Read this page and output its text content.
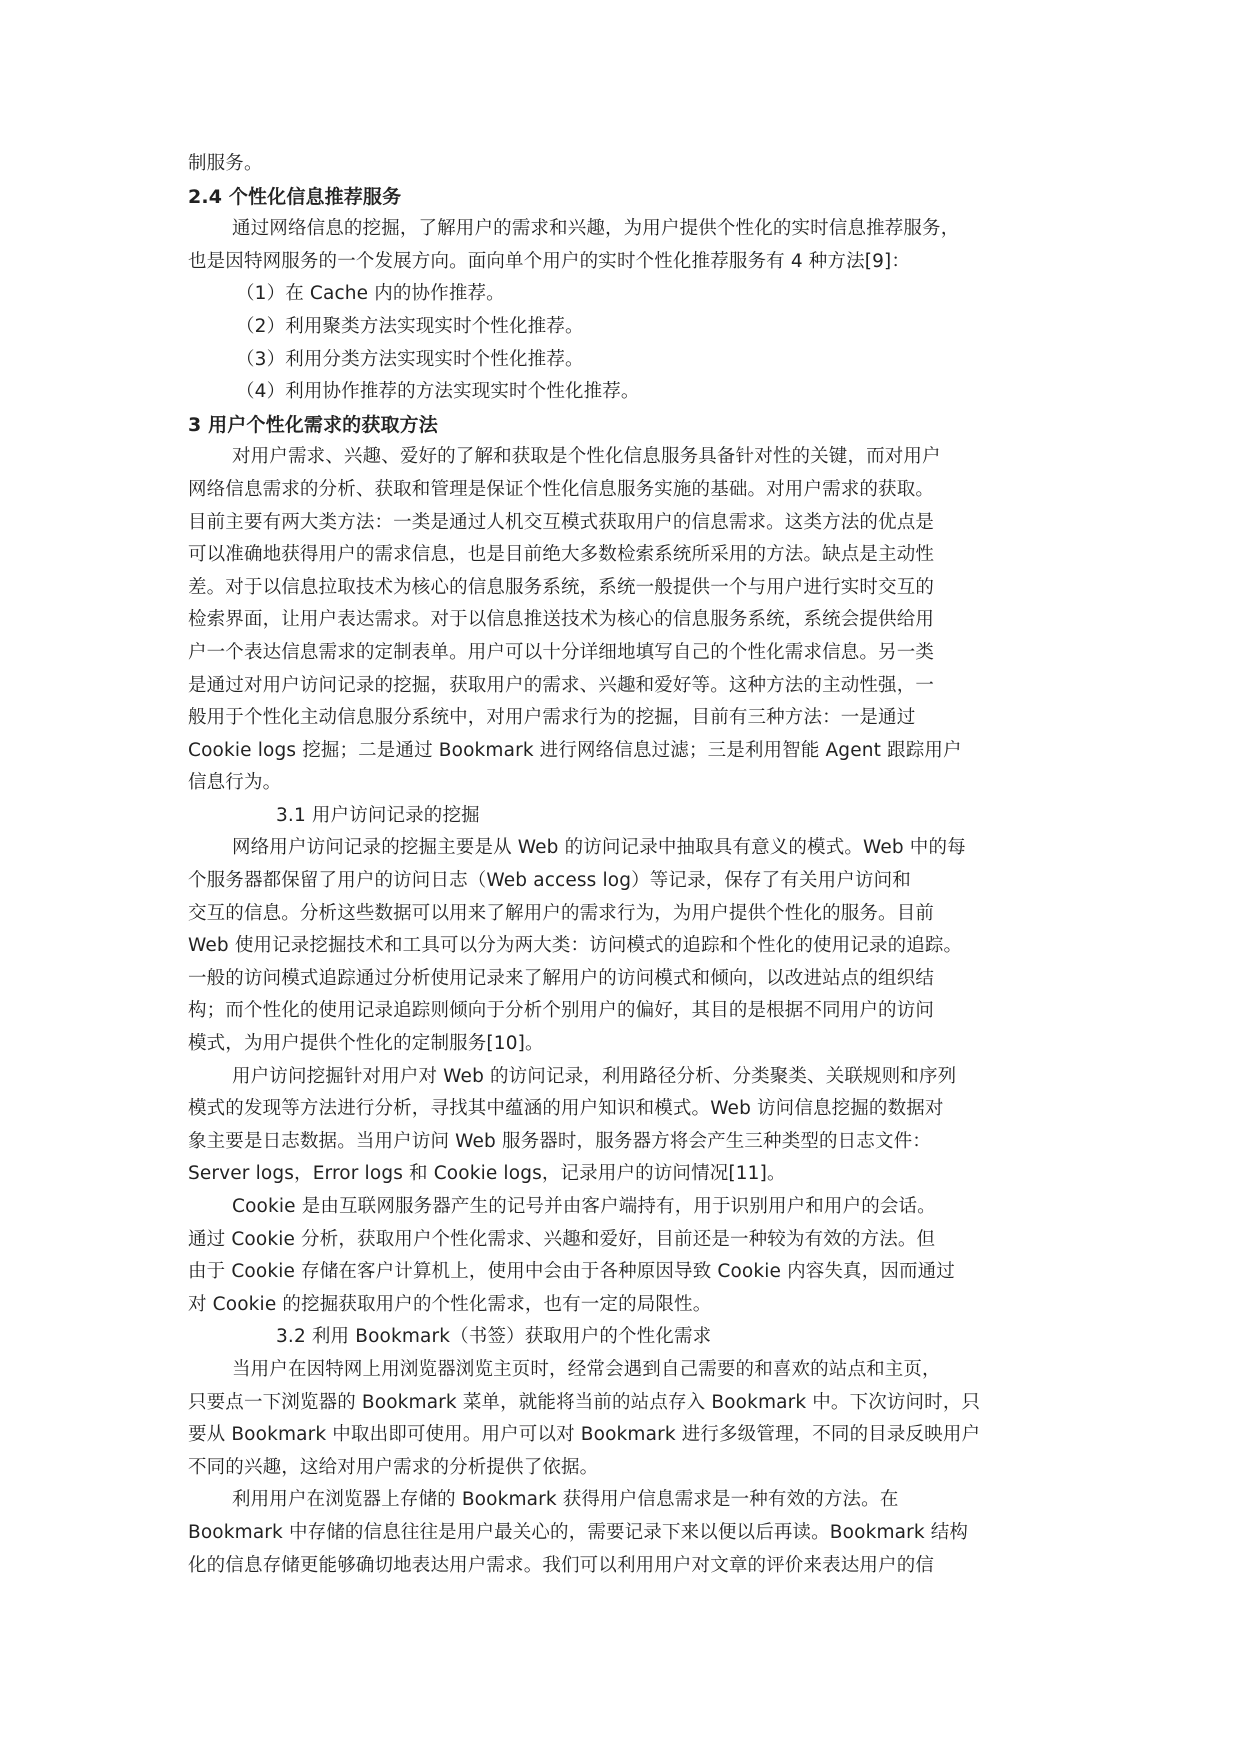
制服务。
2.4 个性化信息推荐服务
通过网络信息的挖掘，了解用户的需求和兴趣，为用户提供个性化的实时信息推荐服务，
也是因特网服务的一个发展方向。面向单个用户的实时个性化推荐服务有 4 种方法[9]：
（1）在 Cache 内的协作推荐。
（2）利用聚类方法实现实时个性化推荐。
（3）利用分类方法实现实时个性化推荐。
（4）利用协作推荐的方法实现实时个性化推荐。
3 用户个性化需求的获取方法
对用户需求、兴趣、爱好的了解和获取是个性化信息服务具备针对性的关键，而对用户
网络信息需求的分析、获取和管理是保证个性化信息服务实施的基础。对用户需求的获取。
目前主要有两大类方法：一类是通过人机交互模式获取用户的信息需求。这类方法的优点是
可以准确地获得用户的需求信息，也是目前绝大多数检索系统所采用的方法。缺点是主动性
差。对于以信息拉取技术为核心的信息服务系统，系统一般提供一个与用户进行实时交互的
检索界面，让用户表达需求。对于以信息推送技术为核心的信息服务系统，系统会提供给用
户一个表达信息需求的定制表单。用户可以十分详细地填写自己的个性化需求信息。另一类
是通过对用户访问记录的挖掘，获取用户的需求、兴趣和爱好等。这种方法的主动性强，一
般用于个性化主动信息服分系统中，对用户需求行为的挖掘，目前有三种方法：一是通过
Cookie logs 挖掘；二是通过 Bookmark 进行网络信息过滤；三是利用智能 Agent 跟踪用户
信息行为。
3.1 用户访问记录的挖掘
网络用户访问记录的挖掘主要是从 Web 的访问记录中抽取具有意义的模式。Web 中的每
个服务器都保留了用户的访问日志（Web access log）等记录，保存了有关用户访问和
交互的信息。分析这些数据可以用来了解用户的需求行为，为用户提供个性化的服务。目前
Web 使用记录挖掘技术和工具可以分为两大类：访问模式的追踪和个性化的使用记录的追踪。
一般的访问模式追踪通过分析使用记录来了解用户的访问模式和倾向，以改进站点的组织结
构；而个性化的使用记录追踪则倾向于分析个别用户的偏好，其目的是根据不同用户的访问
模式，为用户提供个性化的定制服务[10]。
用户访问挖掘针对用户对 Web 的访问记录，利用路径分析、分类聚类、关联规则和序列
模式的发现等方法进行分析，寻找其中蕴涵的用户知识和模式。Web 访问信息挖掘的数据对
象主要是日志数据。当用户访问 Web 服务器时，服务器方将会产生三种类型的日志文件：
Server logs，Error logs 和 Cookie logs，记录用户的访问情况[11]。
Cookie 是由互联网服务器产生的记号并由客户端持有，用于识别用户和用户的会话。
通过 Cookie 分析，获取用户个性化需求、兴趣和爱好，目前还是一种较为有效的方法。但
由于 Cookie 存储在客户计算机上，使用中会由于各种原因导致 Cookie 内容失真，因而通过
对 Cookie 的挖掘获取用户的个性化需求，也有一定的局限性。
3.2 利用 Bookmark（书签）获取用户的个性化需求
当用户在因特网上用浏览器浏览主页时，经常会遇到自己需要的和喜欢的站点和主页，
只要点一下浏览器的 Bookmark 菜单，就能将当前的站点存入 Bookmark 中。下次访问时，只
要从 Bookmark 中取出即可使用。用户可以对 Bookmark 进行多级管理，不同的目录反映用户
不同的兴趣，这给对用户需求的分析提供了依据。
利用用户在浏览器上存储的 Bookmark 获得用户信息需求是一种有效的方法。在
Bookmark 中存储的信息往往是用户最关心的，需要记录下来以便以后再读。Bookmark 结构
化的信息存储更能够确切地表达用户需求。我们可以利用用户对文章的评价来表达用户的信
